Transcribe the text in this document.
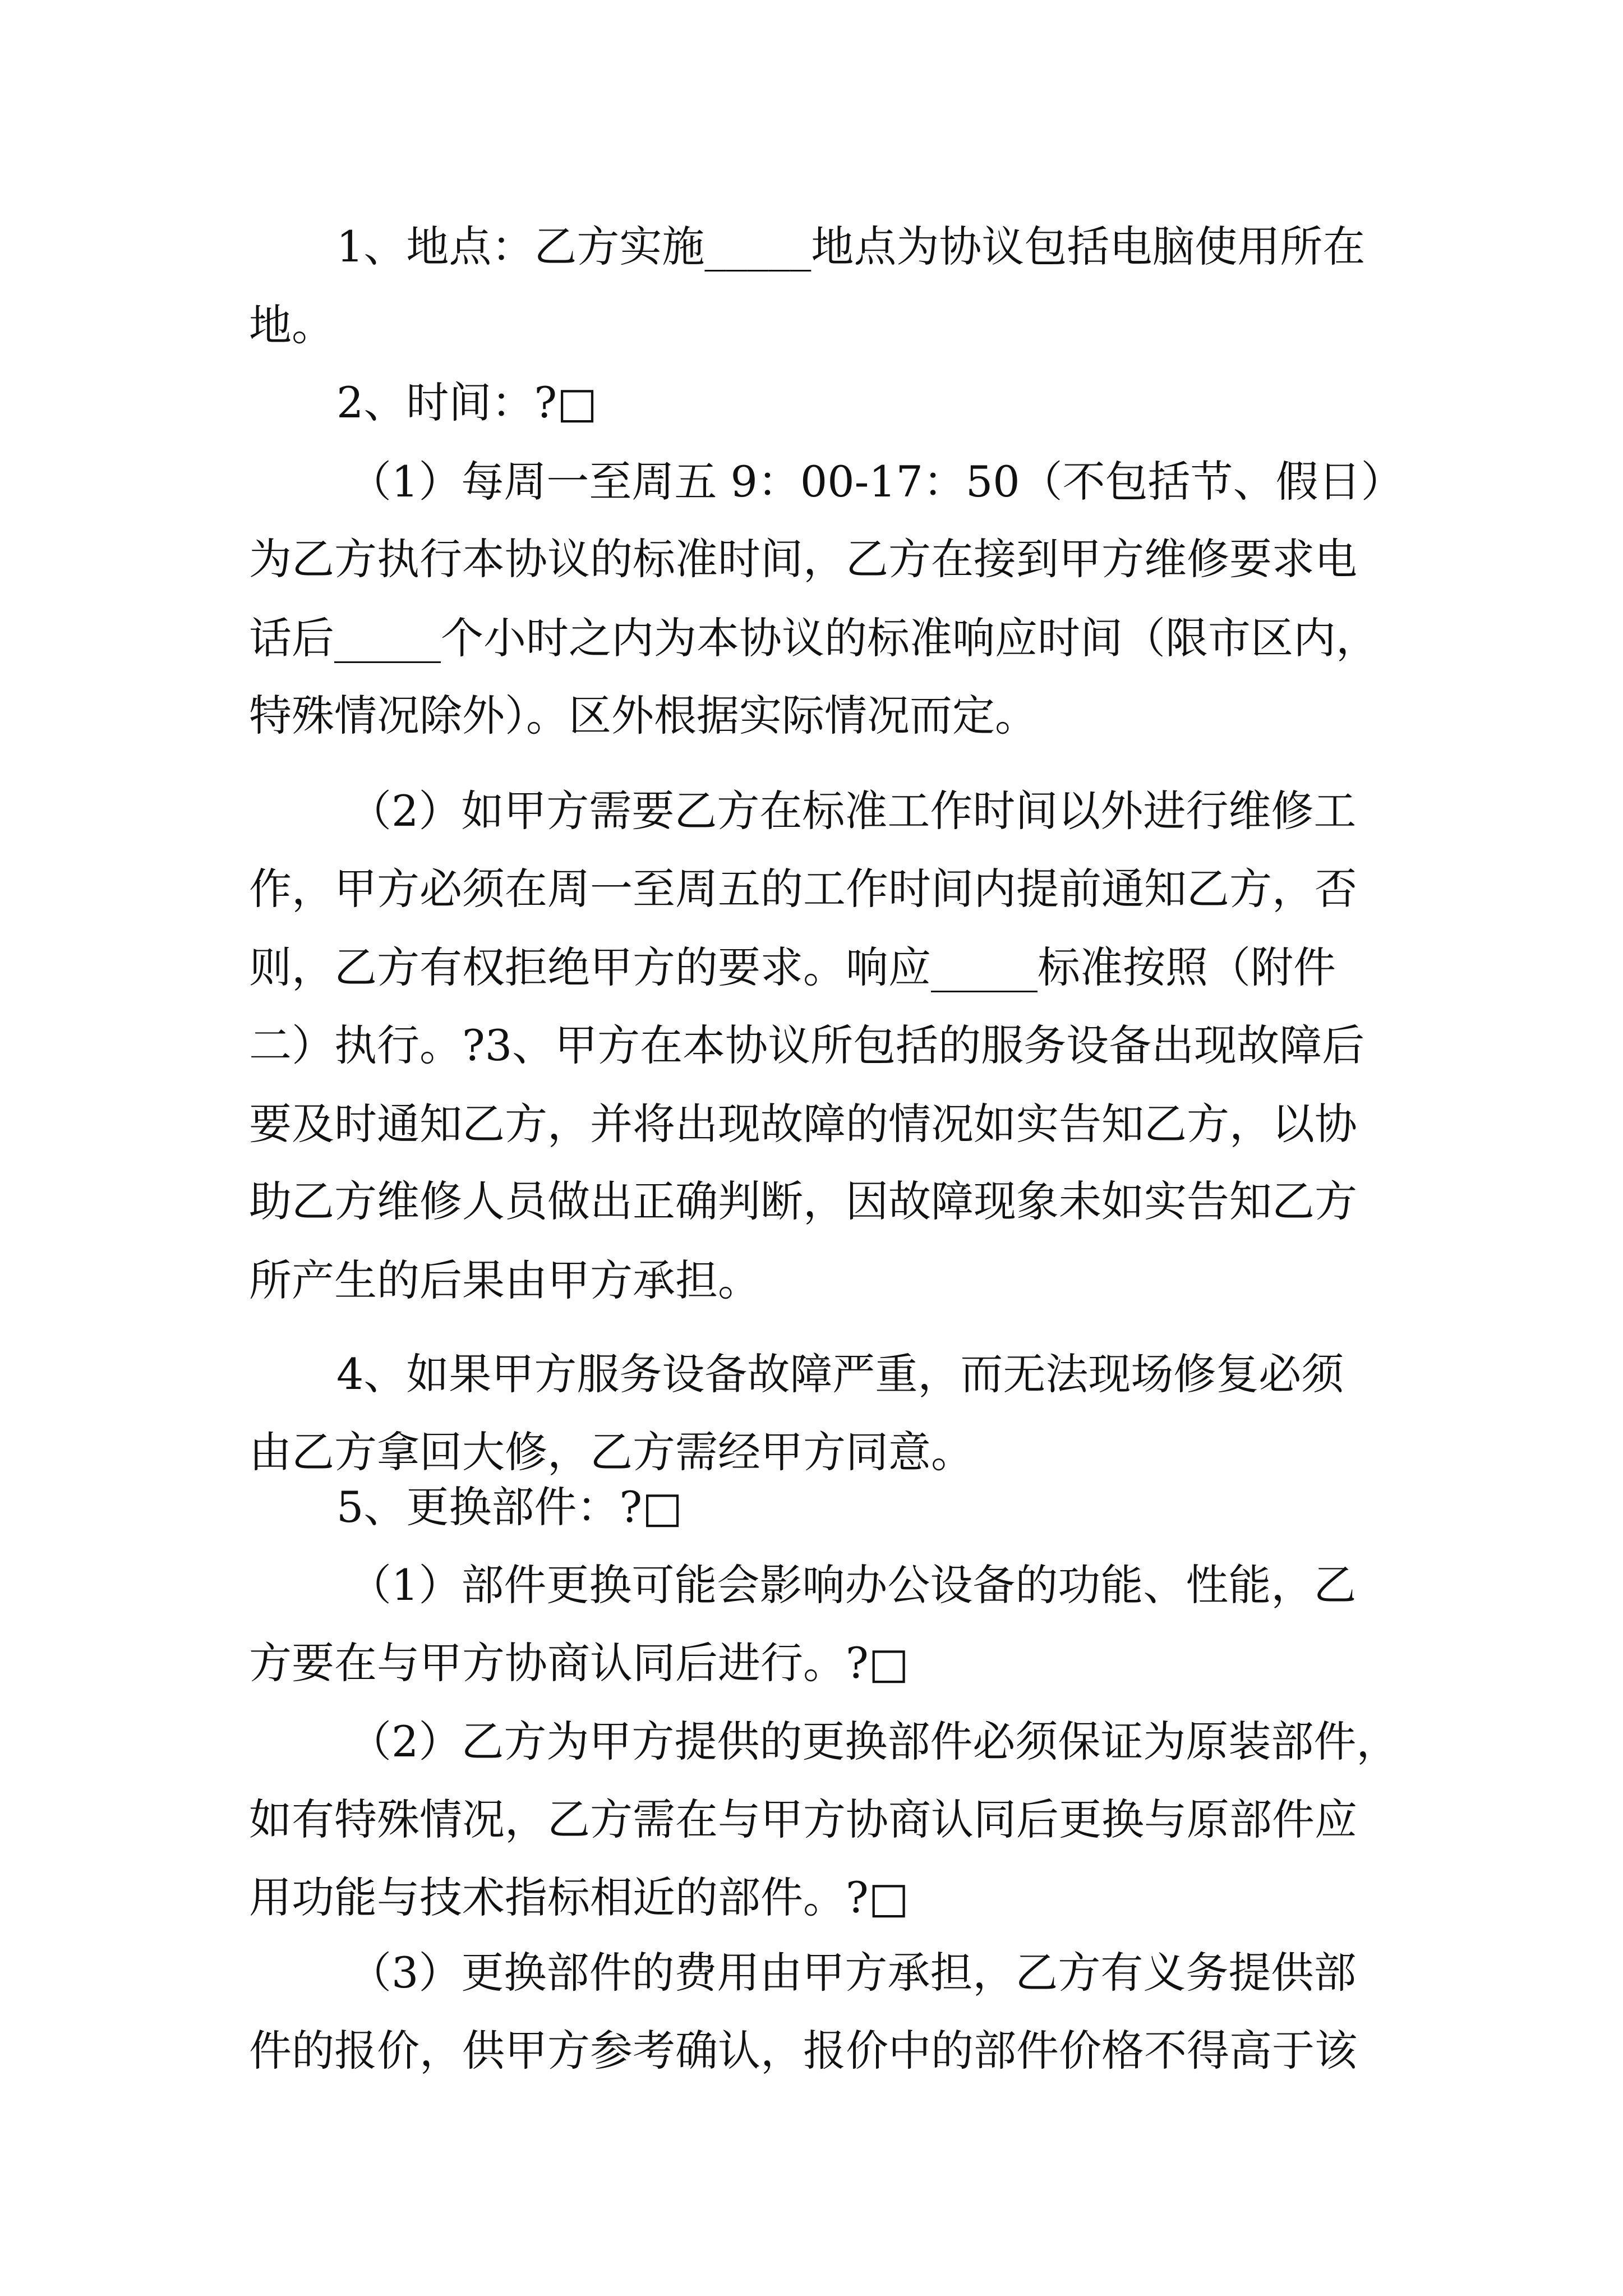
1、地点：乙方实施_____地点为协议包括电脑使用所在
地。
2、时间：?□
（1）每周一至周五 9：00-17：50（不包括节、假日）
为乙方执行本协议的标准时间，乙方在接到甲方维修要求电
话后_____个小时之内为本协议的标准响应时间（限市区内，
特殊情况除外）。区外根据实际情况而定。
（2）如甲方需要乙方在标准工作时间以外进行维修工
作，甲方必须在周一至周五的工作时间内提前通知乙方，否
则，乙方有权拒绝甲方的要求。响应_____标准按照（附件
二）执行。?3、甲方在本协议所包括的服务设备出现故障后
要及时通知乙方，并将出现故障的情况如实告知乙方，以协
助乙方维修人员做出正确判断，因故障现象未如实告知乙方
所产生的后果由甲方承担。
4、如果甲方服务设备故障严重，而无法现场修复必须
由乙方拿回大修，乙方需经甲方同意。
5、更换部件：?□
（1）部件更换可能会影响办公设备的功能、性能，乙
方要在与甲方协商认同后进行。?□
（2）乙方为甲方提供的更换部件必须保证为原装部件，
如有特殊情况，乙方需在与甲方协商认同后更换与原部件应
用功能与技术指标相近的部件。?□
（3）更换部件的费用由甲方承担，乙方有义务提供部
件的报价，供甲方参考确认，报价中的部件价格不得高于该
